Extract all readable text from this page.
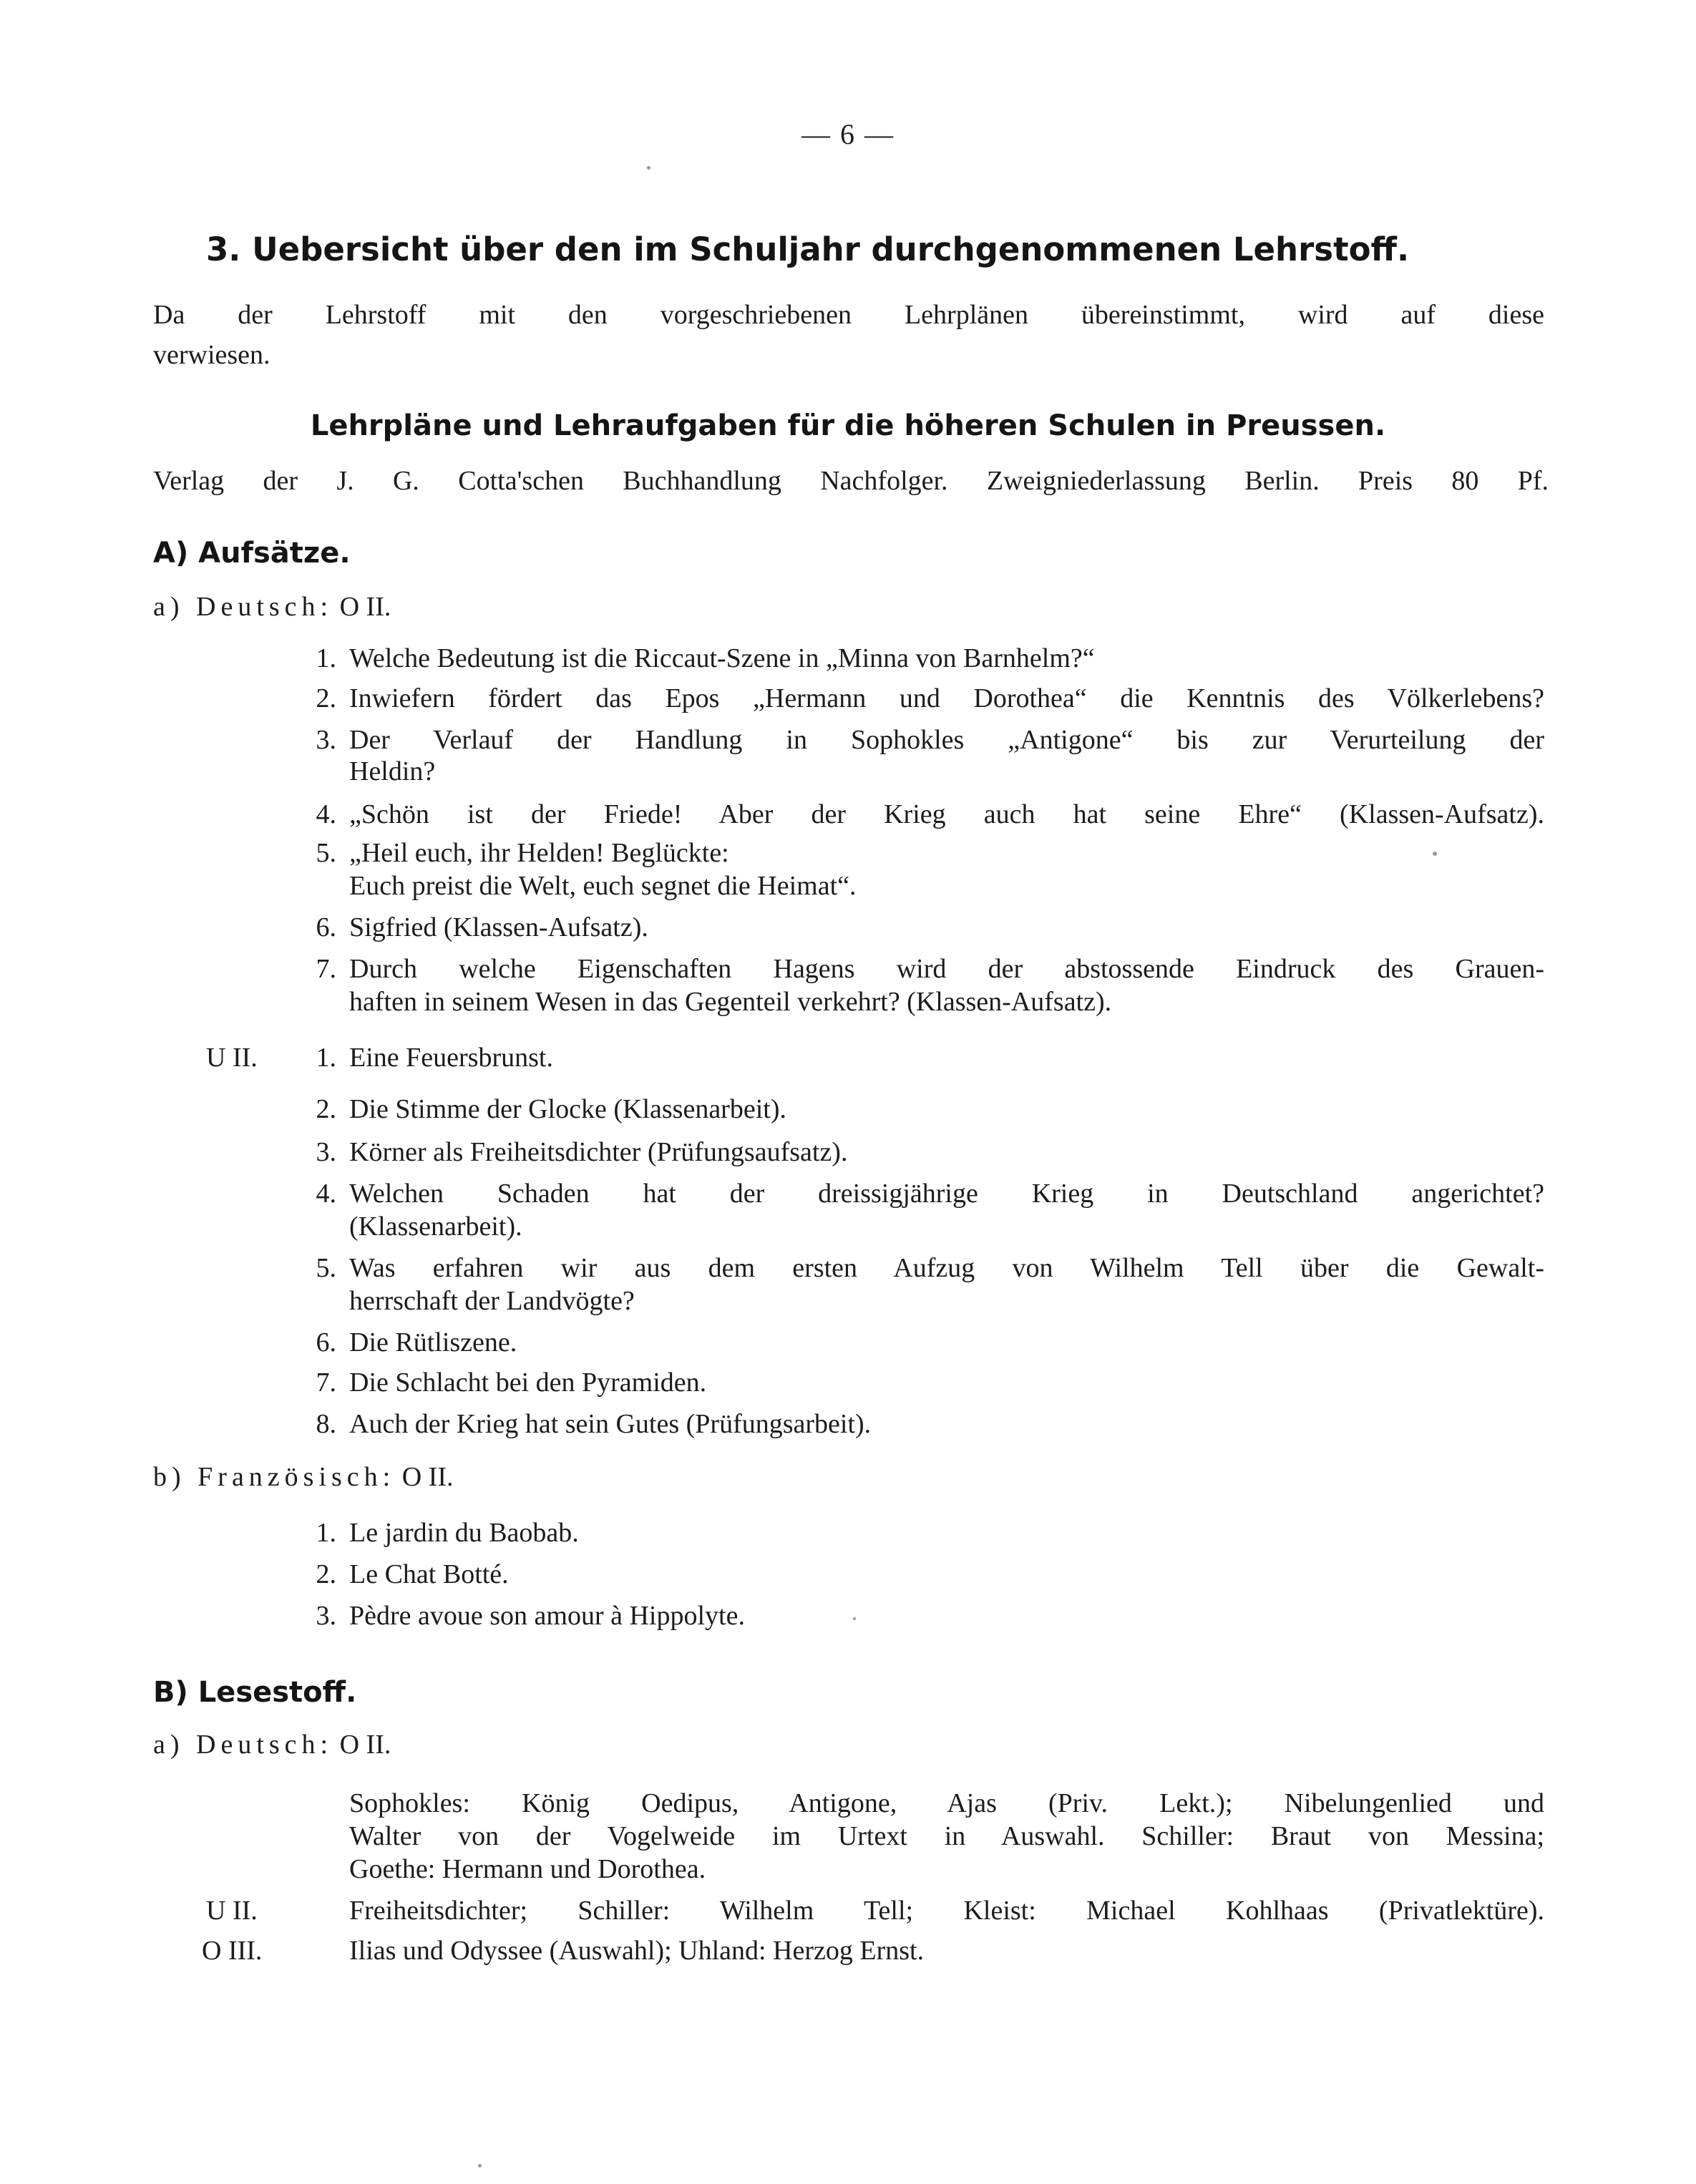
— 6 —
3. Uebersicht über den im Schuljahr durchgenommenen Lehrstoff.
Da der Lehrstoff mit den vorgeschriebenen Lehrplänen übereinstimmt, wird auf diese
verwiesen.
Lehrpläne und Lehraufgaben für die höheren Schulen in Preussen.
Verlag der J. G. Cotta'schen Buchhandlung Nachfolger. Zweigniederlassung Berlin. Preis 80 Pf.
A) Aufsätze.
a) Deutsch: O II.
1. Welche Bedeutung ist die Riccaut-Szene in „Minna von Barnhelm?“
2. Inwiefern fördert das Epos „Hermann und Dorothea“ die Kenntnis des Völkerlebens?
3. Der Verlauf der Handlung in Sophokles „Antigone“ bis zur Verurteilung der
Heldin?
4. „Schön ist der Friede! Aber der Krieg auch hat seine Ehre“ (Klassen-Aufsatz).
5. „Heil euch, ihr Helden! Beglückte:
Euch preist die Welt, euch segnet die Heimat“.
6. Sigfried (Klassen-Aufsatz).
7. Durch welche Eigenschaften Hagens wird der abstossende Eindruck des Grauen-
haften in seinem Wesen in das Gegenteil verkehrt? (Klassen-Aufsatz).
U II.	1. Eine Feuersbrunst.
2. Die Stimme der Glocke (Klassenarbeit).
3. Körner als Freiheitsdichter (Prüfungsaufsatz).
4. Welchen Schaden hat der dreissigjährige Krieg in Deutschland angerichtet?
(Klassenarbeit).
5. Was erfahren wir aus dem ersten Aufzug von Wilhelm Tell über die Gewalt-
herrschaft der Landvögte?
6. Die Rütliszene.
7. Die Schlacht bei den Pyramiden.
8. Auch der Krieg hat sein Gutes (Prüfungsarbeit).
b) Französisch: O II.
1. Le jardin du Baobab.
2. Le Chat Botté.
3. Pèdre avoue son amour à Hippolyte.
B) Lesestoff.
a) Deutsch: O II.
Sophokles: König Oedipus, Antigone, Ajas (Priv. Lekt.); Nibelungenlied und
Walter von der Vogelweide im Urtext in Auswahl. Schiller: Braut von Messina;
Goethe: Hermann und Dorothea.
U II.	Freiheitsdichter; Schiller: Wilhelm Tell; Kleist: Michael Kohlhaas (Privatlektüre).
O III.	Ilias und Odyssee (Auswahl); Uhland: Herzog Ernst.
